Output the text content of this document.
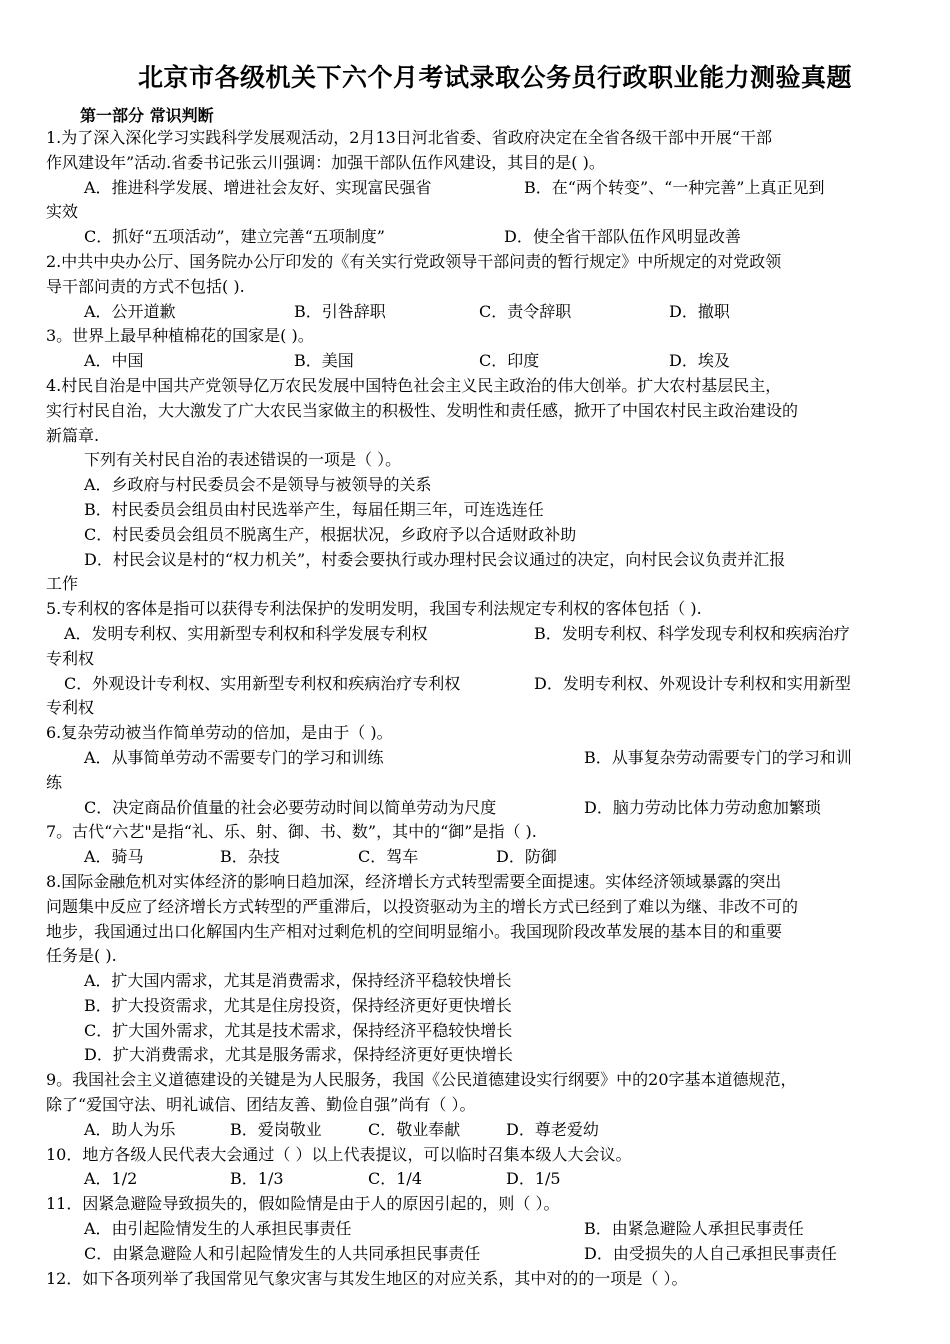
北京市各级机关下六个月考试录取公务员行政职业能力测验真题
第一部分 常识判断
1.为了深入深化学习实践科学发展观活动，2月13日河北省委、省政府决定在全省各级干部中开展“干部
作风建设年”活动.省委书记张云川强调：加强干部队伍作风建设，其目的是( )。
A．推进科学发展、增进社会友好、实现富民强省	B．在“两个转变”、“一种完善”上真正见到
实效
C．抓好“五项活动”，建立完善“五项制度”	D．使全省干部队伍作风明显改善
2.中共中央办公厅、国务院办公厅印发的《有关实行党政领导干部问责的暂行规定》中所规定的对党政领
导干部问责的方式不包括( ).
A．公开道歉	B．引咎辞职	C．责令辞职	D．撤职
3。世界上最早种植棉花的国家是( )。
A．中国	B．美国	C．印度	D．埃及
4.村民自治是中国共产党领导亿万农民发展中国特色社会主义民主政治的伟大创举。扩大农村基层民主，
实行村民自治，大大激发了广大农民当家做主的积极性、发明性和责任感，掀开了中国农村民主政治建设的
新篇章.
下列有关村民自治的表述错误的一项是（ ）。
A．乡政府与村民委员会不是领导与被领导的关系
B．村民委员会组员由村民选举产生，每届任期三年，可连选连任
C．村民委员会组员不脱离生产，根据状况，乡政府予以合适财政补助
D．村民会议是村的“权力机关”，村委会要执行或办理村民会议通过的决定，向村民会议负责并汇报
工作
5.专利权的客体是指可以获得专利法保护的发明发明，我国专利法规定专利权的客体包括（ ).
A．发明专利权、实用新型专利权和科学发展专利权	B．发明专利权、科学发现专利权和疾病治疗
专利权
C．外观设计专利权、实用新型专利权和疾病治疗专利权	D．发明专利权、外观设计专利权和实用新型
专利权
6.复杂劳动被当作简单劳动的倍加，是由于（ )。
A．从事简单劳动不需要专门的学习和训练	B．从事复杂劳动需要专门的学习和训
练
C．决定商品价值量的社会必要劳动时间以简单劳动为尺度	D．脑力劳动比体力劳动愈加繁琐
7。古代“六艺"是指“礼、乐、射、御、书、数”，其中的“御”是指（ ).
A．骑马	B．杂技	C．驾车	D．防御
8.国际金融危机对实体经济的影响日趋加深，经济增长方式转型需要全面提速。实体经济领域暴露的突出
问题集中反应了经济增长方式转型的严重滞后，以投资驱动为主的增长方式已经到了难以为继、非改不可的
地步，我国通过出口化解国内生产相对过剩危机的空间明显缩小。我国现阶段改革发展的基本目的和重要
任务是( ).
A．扩大国内需求，尤其是消费需求，保持经济平稳较快增长
B．扩大投资需求，尤其是住房投资，保持经济更好更快增长
C．扩大国外需求，尤其是技术需求，保持经济平稳较快增长
D．扩大消费需求，尤其是服务需求，保持经济更好更快增长
9。我国社会主义道德建设的关键是为人民服务，我国《公民道德建设实行纲要》中的20字基本道德规范，
除了“爱国守法、明礼诚信、团结友善、勤俭自强”尚有（ ）。
A．助人为乐	B．爱岗敬业	C．敬业奉献	D．尊老爱幼
10．地方各级人民代表大会通过（ ）以上代表提议，可以临时召集本级人大会议。
A．1/2	B．1/3	C．1/4	D．1/5
11．因紧急避险导致损失的，假如险情是由于人的原因引起的，则（ ）。
A．由引起险情发生的人承担民事责任	B．由紧急避险人承担民事责任
C．由紧急避险人和引起险情发生的人共同承担民事责任	D．由受损失的人自己承担民事责任
12．如下各项列举了我国常见气象灾害与其发生地区的对应关系，其中对的的一项是（ ）。
